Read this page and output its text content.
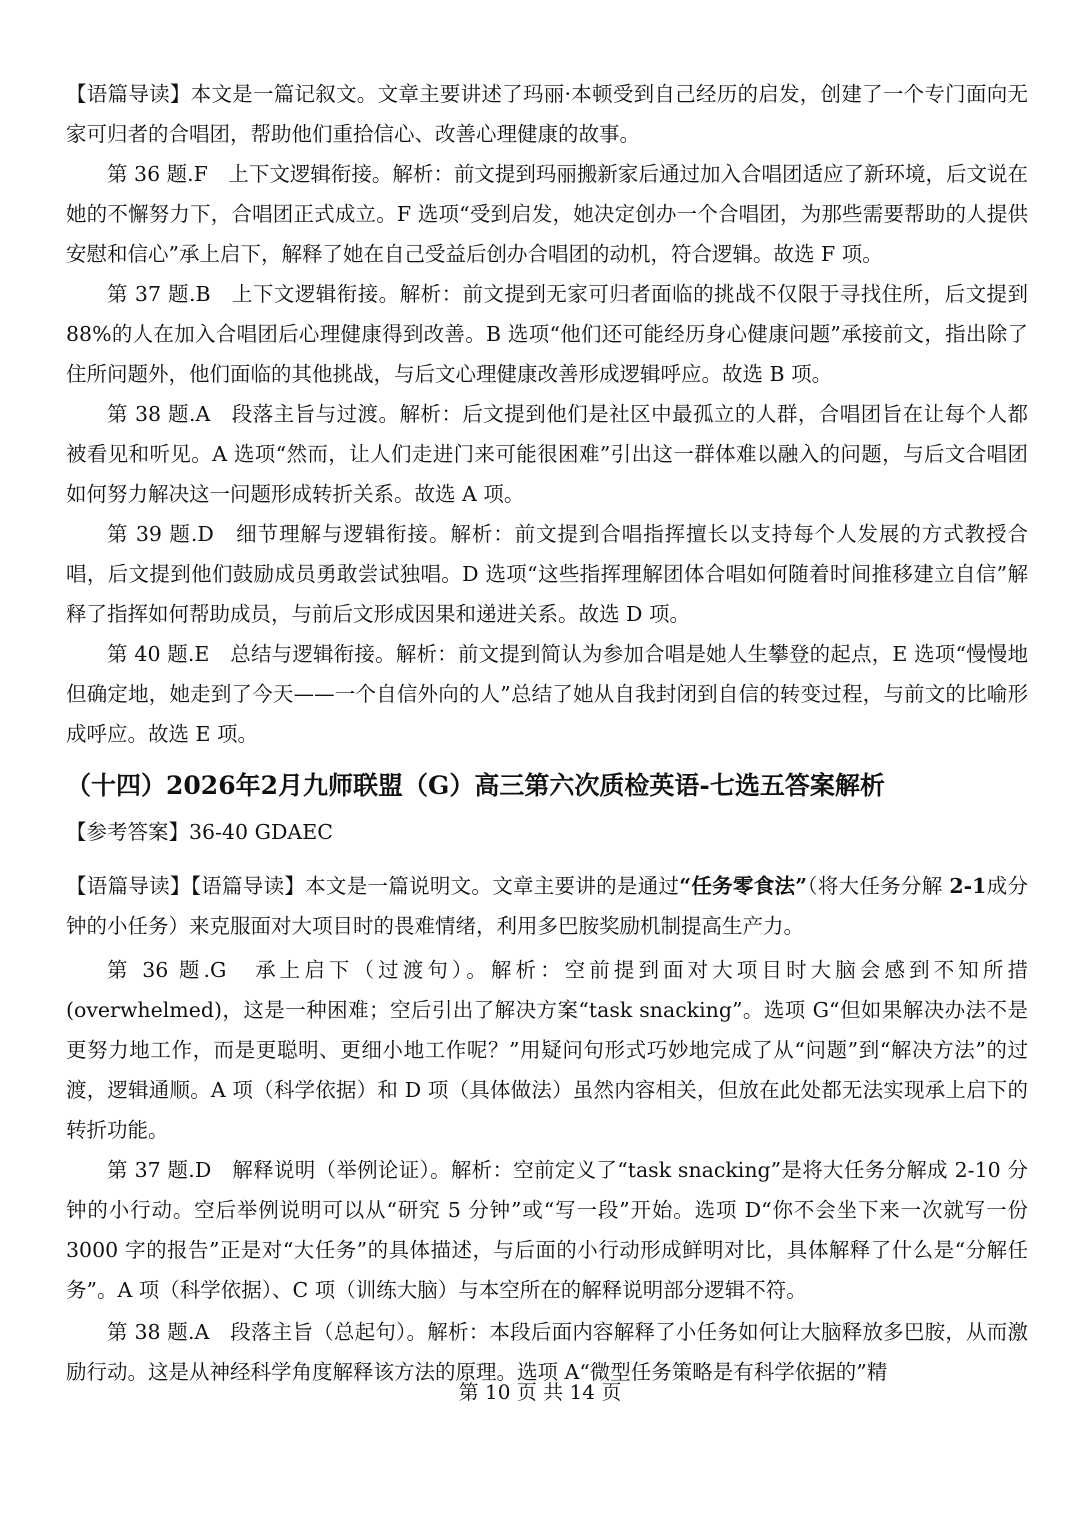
【语篇导读】本文是一篇记叙文。文章主要讲述了玛丽·本顿受到自己经历的启发，创建了一个专门面向无家可归者的合唱团，帮助他们重拾信心、改善心理健康的故事。

第 36 题.F　上下文逻辑衔接。解析：前文提到玛丽搬新家后通过加入合唱团适应了新环境，后文说在她的不懈努力下，合唱团正式成立。F 选项“受到启发，她决定创办一个合唱团，为那些需要帮助的人提供安慰和信心”承上启下，解释了她在自己受益后创办合唱团的动机，符合逻辑。故选 F 项。

第 37 题.B　上下文逻辑衔接。解析：前文提到无家可归者面临的挑战不仅限于寻找住所，后文提到 88%的人在加入合唱团后心理健康得到改善。B 选项“他们还可能经历身心健康问题”承接前文，指出除了住所问题外，他们面临的其他挑战，与后文心理健康改善形成逻辑呼应。故选 B 项。

第 38 题.A　段落主旨与过渡。解析：后文提到他们是社区中最孤立的人群，合唱团旨在让每个人都被看见和听见。A 选项“然而，让人们走进门来可能很困难”引出这一群体难以融入的问题，与后文合唱团如何努力解决这一问题形成转折关系。故选 A 项。

第 39 题.D　细节理解与逻辑衔接。解析：前文提到合唱指挥擅长以支持每个人发展的方式教授合唱，后文提到他们鼓励成员勇敢尝试独唱。D 选项“这些指挥理解团体合唱如何随着时间推移建立自信”解释了指挥如何帮助成员，与前后文形成因果和递进关系。故选 D 项。

第 40 题.E　总结与逻辑衔接。解析：前文提到简认为参加合唱是她人生攀登的起点，E 选项“慢慢地但确定地，她走到了今天——一个自信外向的人”总结了她从自我封闭到自信的转变过程，与前文的比喻形成呼应。故选 E 项。

（十四）2026年2月九师联盟（G）高三第六次质检英语-七选五答案解析

【参考答案】36-40 GDAEC

【语篇导读】【语篇导读】本文是一篇说明文。文章主要讲的是通过“任务零食法”（将大任务分解 2-1成分钟的小任务）来克服面对大项目时的畏难情绪，利用多巴胺奖励机制提高生产力。

第 36 题.G　承上启下（过渡句）。解析：空前提到面对大项目时大脑会感到不知所措(overwhelmed)，这是一种困难；空后引出了解决方案“task snacking”。选项 G“但如果解决办法不是更努力地工作，而是更聪明、更细小地工作呢？”用疑问句形式巧妙地完成了从“问题”到“解决方法”的过渡，逻辑通顺。A 项（科学依据）和 D 项（具体做法）虽然内容相关，但放在此处都无法实现承上启下的转折功能。

第 37 题.D　解释说明（举例论证）。解析：空前定义了“task snacking”是将大任务分解成 2-10 分钟的小行动。空后举例说明可以从“研究 5 分钟”或“写一段”开始。选项 D“你不会坐下来一次就写一份 3000 字的报告”正是对“大任务”的具体描述，与后面的小行动形成鲜明对比，具体解释了什么是“分解任务”。A 项（科学依据）、C 项（训练大脑）与本空所在的解释说明部分逻辑不符。

第 38 题.A　段落主旨（总起句）。解析：本段后面内容解释了小任务如何让大脑释放多巴胺，从而激励行动。这是从神经科学角度解释该方法的原理。选项 A“微型任务策略是有科学依据的”精

第 10 页 共 14 页
